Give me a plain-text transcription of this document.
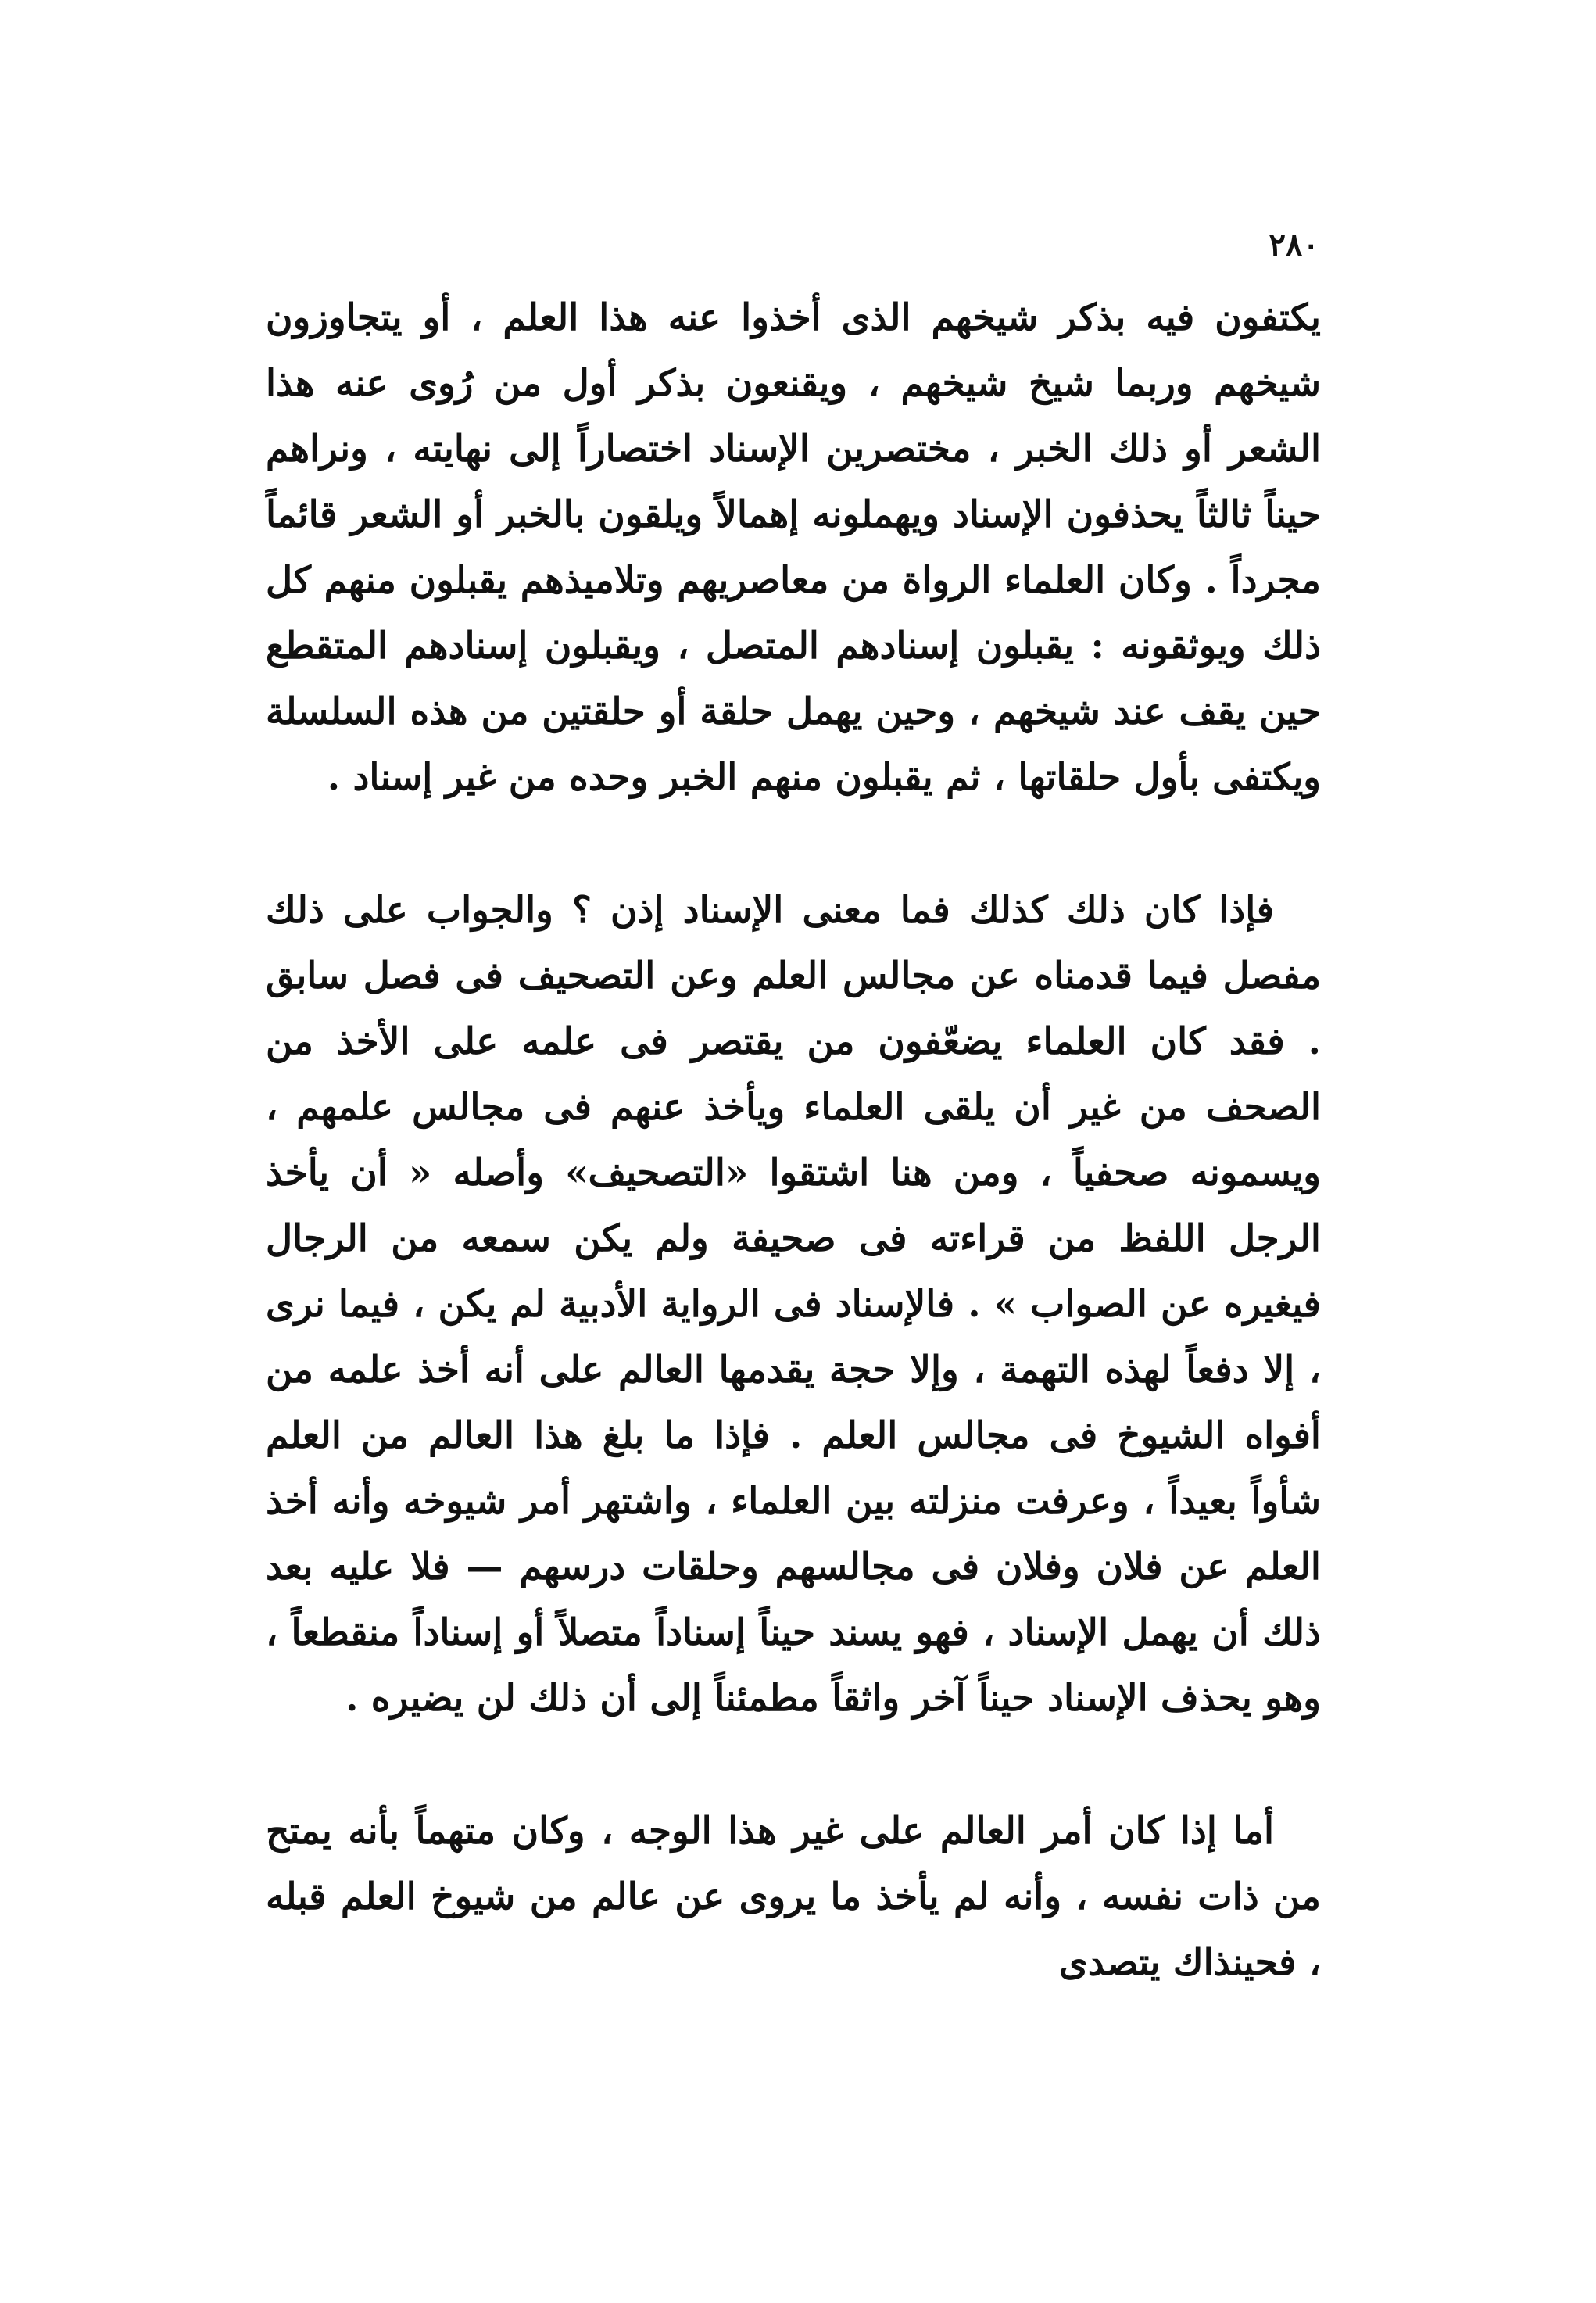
٢٨٠

يكتفون فيه بذكر شيخهم الذى أخذوا عنه هذا العلم ، أو يتجاوزون شيخهم وربما شيخ شيخهم ، ويقنعون بذكر أول من رُوى عنه هذا الشعر أو ذلك الخبر ، مختصرين الإسناد اختصاراً إلى نهايته ، ونراهم حيناً ثالثاً يحذفون الإسناد ويهملونه إهمالاً ويلقون بالخبر أو الشعر قائماً مجرداً . وكان العلماء الرواة من معاصريهم وتلاميذهم يقبلون منهم كل ذلك ويوثقونه : يقبلون إسنادهم المتصل ، ويقبلون إسنادهم المتقطع حين يقف عند شيخهم ، وحين يهمل حلقة أو حلقتين من هذه السلسلة ويكتفى بأول حلقاتها ، ثم يقبلون منهم الخبر وحده من غير إسناد .

فإذا كان ذلك كذلك فما معنى الإسناد إذن ؟ والجواب على ذلك مفصل فيما قدمناه عن مجالس العلم وعن التصحيف فى فصل سابق . فقد كان العلماء يضعّفون من يقتصر فى علمه على الأخذ من الصحف من غير أن يلقى العلماء ويأخذ عنهم فى مجالس علمهم ، ويسمونه صحفياً ، ومن هنا اشتقوا «التصحيف» وأصله « أن يأخذ الرجل اللفظ من قراءته فى صحيفة ولم يكن سمعه من الرجال فيغيره عن الصواب » . فالإسناد فى الرواية الأدبية لم يكن ، فيما نرى ، إلا دفعاً لهذه التهمة ، وإلا حجة يقدمها العالم على أنه أخذ علمه من أفواه الشيوخ فى مجالس العلم . فإذا ما بلغ هذا العالم من العلم شأواً بعيداً ، وعرفت منزلته بين العلماء ، واشتهر أمر شيوخه وأنه أخذ العلم عن فلان وفلان فى مجالسهم وحلقات درسهم — فلا عليه بعد ذلك أن يهمل الإسناد ، فهو يسند حيناً إسناداً متصلاً أو إسناداً منقطعاً ، وهو يحذف الإسناد حيناً آخر واثقاً مطمئناً إلى أن ذلك لن يضيره .

أما إذا كان أمر العالم على غير هذا الوجه ، وكان متهماً بأنه يمتح من ذات نفسه ، وأنه لم يأخذ ما يروى عن عالم من شيوخ العلم قبله ، فحينذاك يتصدى
